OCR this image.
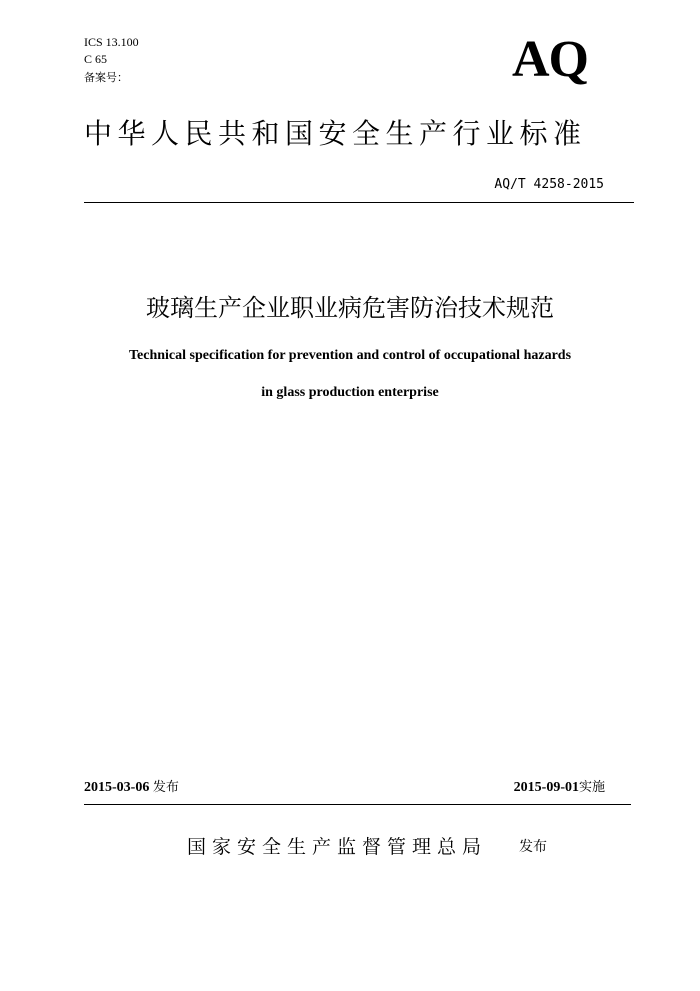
ICS 13.100
C 65
备案号：	AQ
中华人民共和国安全生产行业标准
AQ/T 4258-2015
玻璃生产企业职业病危害防治技术规范
Technical specification for prevention and control of occupational hazards
in glass production enterprise
2015-03-06 发布	2015-09-01实施
国家安全生产监督管理总局 发布
